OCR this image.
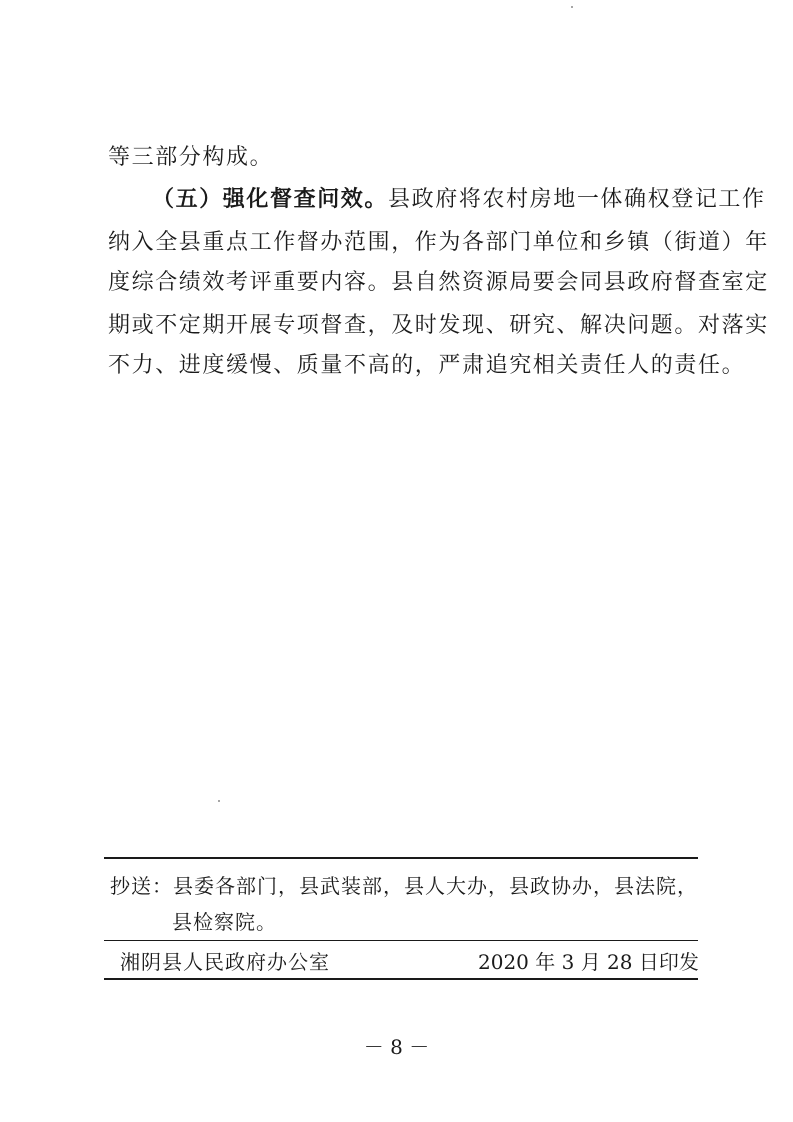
等三部分构成。
（五）强化督查问效。县政府将农村房地一体确权登记工作
纳入全县重点工作督办范围，作为各部门单位和乡镇（街道）年
度综合绩效考评重要内容。县自然资源局要会同县政府督查室定
期或不定期开展专项督查，及时发现、研究、解决问题。对落实
不力、进度缓慢、质量不高的，严肃追究相关责任人的责任。
抄送：县委各部门，县武装部，县人大办，县政协办，县法院，
县检察院。
湘阴县人民政府办公室	2020 年 3 月 28 日印发
－ 8 －
